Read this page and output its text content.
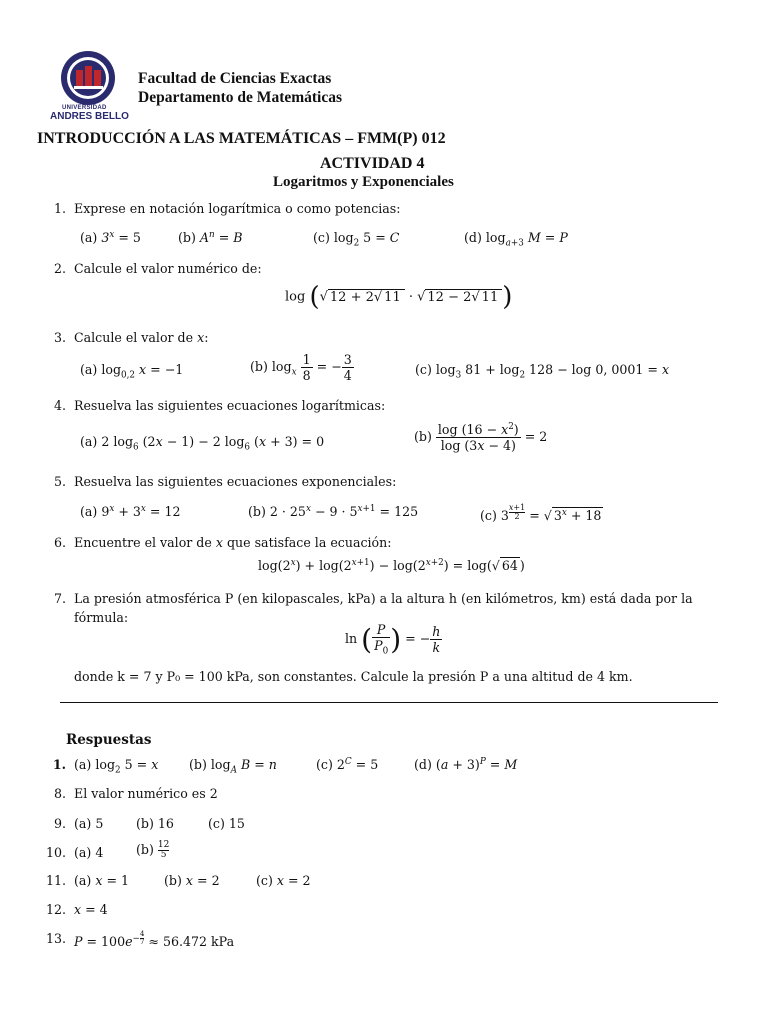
UNIVERSIDAD
ANDRES BELLO
Facultad de Ciencias Exactas
Departamento de Matemáticas
INTRODUCCIÓN A LAS MATEMÁTICAS – FMM(P) 012
ACTIVIDAD 4
Logaritmos y Exponenciales
1. Exprese en notación logarítmica o como potencias:
(a) $3^x = 5$	(b) $A^n = B$	(c) $\log_2 5 = C$	(d) $\log_{a+3} M = P$
2. Calcule el valor numérico de:
log (√ 12 + 2√ 11 · √ 12 − 2√ 11 )
3. Calcule el valor de x:
(a) $\log_{0,2} x = -1$	(b) $\log_x \frac{1}{8}$ = − $\frac{3}{4}$	(c) $\log_3 81 + \log_2 128 - \log 0$, 0001 = x
4. Resuelva las siguientes ecuaciones logarítmicas:
(a) 2 $\log_6 (2x - 1) - 2$ $\log_6 (x + 3) = 0$	$(b) \frac{\log (16 - x^2)}{\log (3x - 4)} = 2$
5. Resuelva las siguientes ecuaciones exponenciales:
(a) $9^x + 3^x = 12$	(b) $2 \cdot 25^x - 9 \cdot 5^{x+1} = 125$	(c) 3 $^{\frac{x+1}{2}}$ = √ $3^x + 18$
6. Encuentre el valor de x que satisface la ecuación:
$\log(2^x) + \log(2^{x+1}) - \log(2^{x+2}) = \log(√$ 64 )
7. La presión atmosférica P (en kilopascales, kPa) a la altura h (en kilómetros, km) está dada por la
fórmula:
ln ( $\frac{P}{P_0}$ ) = − $\frac{h}{k}$
donde k = 7 y P₀ = 100 kPa, son constantes. Calcule la presión P a una altitud de 4 km.
Respuestas
1. (a) $\log_2 5 = x$ (b) $\log_A B = n$	(c) $2^C = 5$	(d) $(a + 3)^P = M$
8. El valor numérico es 2
9. (a) 5	(b) 16	(c) 15
10. (a) 4	$(b) \frac{12}{5}$
11. (a) x = 1	(b) x = 2	(c) x = 2
12. x = 4
13. $P = 100e^{- \frac{4}{7}} \approx 56.472$ kPa
